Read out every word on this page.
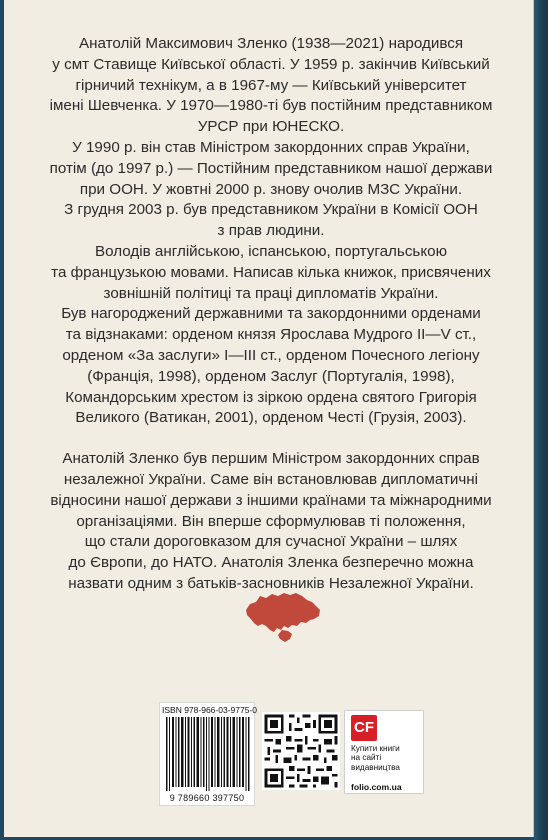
Анатолій Максимович Зленко (1938—2021) народився

у смт Ставище Київської області. У 1959 р. закінчив Київський

гірничий технікум, а в 1967-му — Київський університет

імені Шевченка. У 1970—1980-ті був постійним представником

УРСР при ЮНЕСКО.

У 1990 р. він став Міністром закордонних справ України,

потім (до 1997 р.) — Постійним представником нашої держави

при ООН. У жовтні 2000 р. знову очолив МЗС України.

З грудня 2003 р. був представником України в Комісії ООН

з прав людини.

Володів англійською, іспанською, португальською

та французькою мовами. Написав кілька книжок, присвячених

зовнішній політиці та праці дипломатів України.

Був нагороджений державними та закордонними орденами

та відзнаками: орденом князя Ярослава Мудрого ІІ—V ст.,

орденом «За заслуги» І—ІІІ ст., орденом Почесного легіону

(Франція, 1998), орденом Заслуг (Португалія, 1998),

Командорським хрестом із зіркою ордена святого Григорія

Великого (Ватикан, 2001), орденом Честі (Грузія, 2003).

Анатолій Зленко був першим Міністром закордонних справ

незалежної України. Саме він встановлював дипломатичні

відносини нашої держави з іншими країнами та міжнародними

організаціями. Він вперше сформулював ті положення,

що стали дороговказом для сучасної України – шлях

до Європи, до НАТО. Анатолія Зленка безперечно можна

назвати одним з батьків-засновників Незалежної України.

ISBN 978-966-03-9775-0
9 789660 397750
CF
Купити книги
на сайті
видавництва
folio.com.ua
